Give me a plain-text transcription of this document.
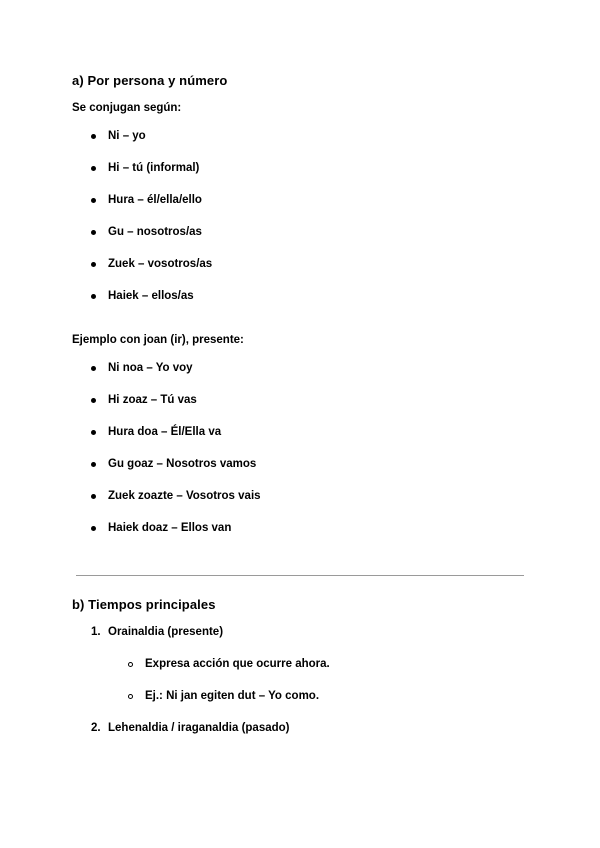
a) Por persona y número
Se conjugan según:
Ni – yo
Hi – tú (informal)
Hura – él/ella/ello
Gu – nosotros/as
Zuek – vosotros/as
Haiek – ellos/as
Ejemplo con joan (ir), presente:
Ni noa – Yo voy
Hi zoaz – Tú vas
Hura doa – Él/Ella va
Gu goaz – Nosotros vamos
Zuek zoazte – Vosotros vais
Haiek doaz – Ellos van
b) Tiempos principales
1. Orainaldia (presente)
Expresa acción que ocurre ahora.
Ej.: Ni jan egiten dut – Yo como.
2. Lehenaldia / iraganaldia (pasado)
